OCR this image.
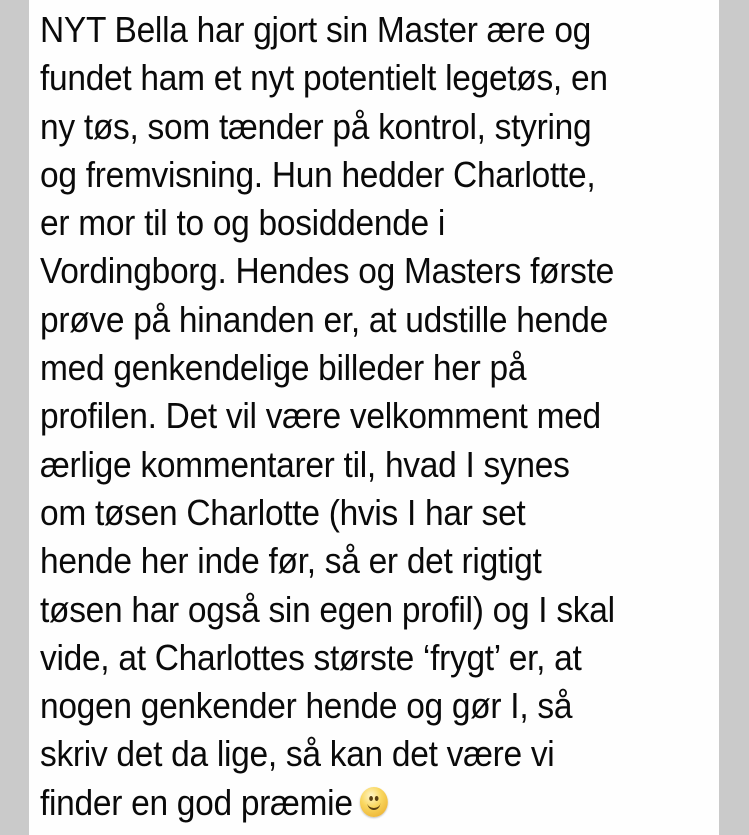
NYT Bella har gjort sin Master ære og
fundet ham et nyt potentielt legetøs, en
ny tøs, som tænder på kontrol, styring
og fremvisning. Hun hedder Charlotte,
er mor til to og bosiddende i
Vordingborg. Hendes og Masters første
prøve på hinanden er, at udstille hende
med genkendelige billeder her på
profilen. Det vil være velkomment med
ærlige kommentarer til, hvad I synes
om tøsen Charlotte (hvis I har set
hende her inde før, så er det rigtigt
tøsen har også sin egen profil) og I skal
vide, at Charlottes største ‘frygt’ er, at
nogen genkender hende og gør I, så
skriv det da lige, så kan det være vi
finder en god præmie
